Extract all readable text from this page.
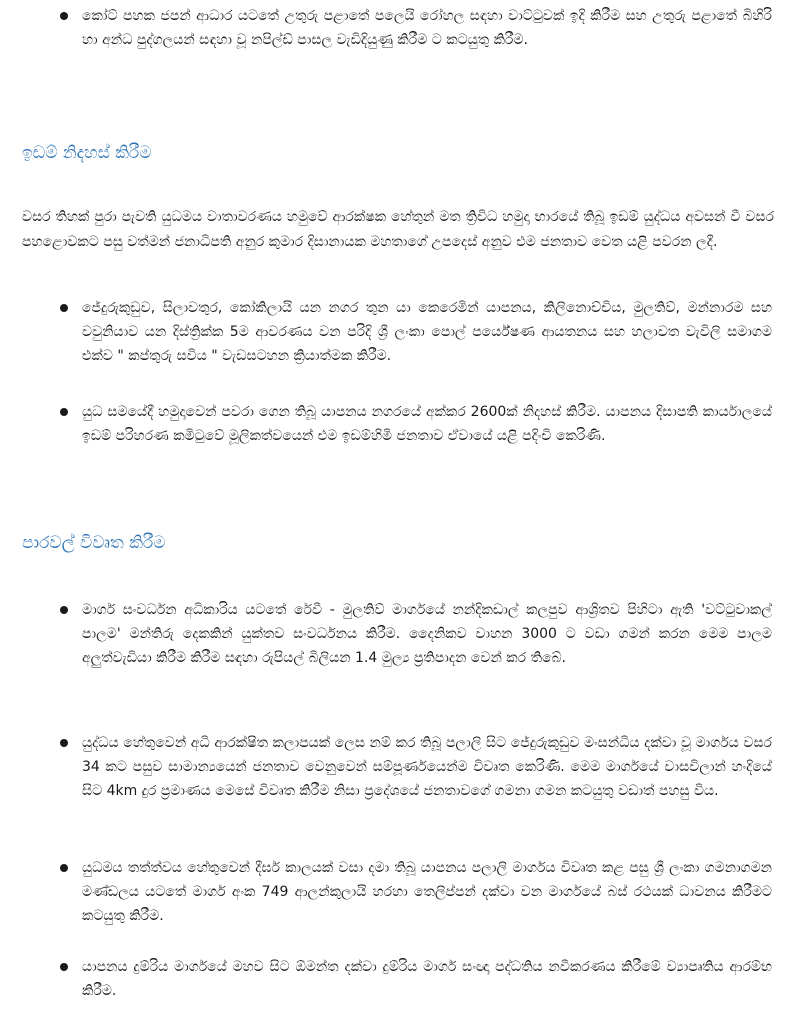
කෝට් පහක ජපන් ආධාර යටතේ උතුරු පළාතේ පලෙයි රෝහල සඳහා වාට්ටුවක් ඉදි කිරීම සහ උතුරු පළාතේ බිහිරි හා අන්ධ පුද්ගලයන් සඳහා වූ නපිල්ඩ් පාසල වැඩිදියුණු කිරීම ට කටයුතු කිරීම.
ඉඩම් නිදහස් කිරීම
වසර තිහක් පුරා පැවති යුධමය වාතාවරණය හමුවේ ආරක්ෂක හේතුන් මත ත්‍රිවිධ හමුදා භාරයේ තිබූ ඉඩම් යුද්ධය අවසන් වී වසර පහළොවකට පසු වත්මන් ජනාධිපති අනුර කුමාර දිසානායක මහතාගේ උපදෙස් අනුව එම ජනතාව වෙත යළි පවරන ලදී.
ජේදුරුකුඩුව, සිලාවතුර, කෝකිලායි යන නගර තුන යා කෙරෙමින් යාපනය, කිලිනොච්චිය, මුලතිව්, මන්නාරම සහ වවුනියාව යන දිස්ත්‍රික්ක 5ම ආවරණය වන පරිදි ශ්‍රී ලංකා පොල් පර්යේෂණ ආයතනය සහ හලාවත වැවිලි සමාගම එක්ව " කප්තුරු සවිය " වැඩසටහන ක්‍රියාත්මක කිරීම.
යුධ සමයේදී හමුදාවෙන් පවරා ගෙන තිබූ යාපනය නගරයේ අක්කර 2600ක් නිදහස් කිරීම. යාපනය දිසාපති කාර්යාලයේ ඉඩම් පරිහරණ කමිටුවේ මූලිකත්වයෙන් එම ඉඩම්හිමි ජනතාව ඒවායේ යළි පදිංචි කෙරිණි.
පාරවල් විවෘත කිරීම
මාර්ග සංවර්ධන අධිකාරිය යටතේ රේවී - මුලතිව් මාර්ගයේ නන්දිකඩාල් කලපුව ආශ්‍රිතව පිහිටා ඇති 'වට්ටුවාකල් පාලම' මන්තිරු දෙකකින් යුක්තව සංවර්ධනය කිරීම. දෛනිකව වාහන 3000 ට වඩා ගමන් කරන මෙම පාලම අලුත්වැඩියා කිරීම කිරීම සඳහා රුපියල් බිලියන 1.4 මුල්‍ය ප්‍රතිපාදන වෙන් කර තිබේ.
යුද්ධය හේතුවෙන් අධි ආරක්ෂිත කලාපයක් ලෙස නම් කර තිබූ පලාලි සිට ජේදුරුකුඩුව මංසන්ධිය දක්වා වූ මාර්ගය වසර 34 කට පසුව සාමාන්‍යයෙන් ජනතාව වෙනුවෙන් සම්පූර්ණයෙන්ම විවෘත කෙරිණි. මෙම මාර්ගයේ වාසවිලාන් හංදියේ සිට 4km දුර ප්‍රමාණය මෙසේ විවෘත කිරීම නිසා ප්‍රදේශයේ ජනතාවගේ ගමනා ගමන කටයුතු වඩාත් පහසු විය.
යුධමය තත්ත්වය හේතුවෙන් දීර්ඝ කාලයක් වසා දමා තිබූ යාපනය පලාලි මාර්ගය විවෘත කළ පසු ශ්‍රී ලංකා ගමනාගමන මණ්ඩලය යටතේ මාර්ග අංක 749 ආලන්කුලායි හරහා තෙලිප්පන් දක්වා වන මාර්ගයේ බස් රථයක් ධාවනය කිරීමට කටයුතු කිරීම.
යාපනය දුම්රිය මාර්ගයේ මහව සිට ඕමන්ත දක්වා දුම්රිය මාර්ග සංඥා පද්ධතිය නවීකරණය කිරීමේ ව්‍යාපෘතිය ආරම්භ කිරීම.
